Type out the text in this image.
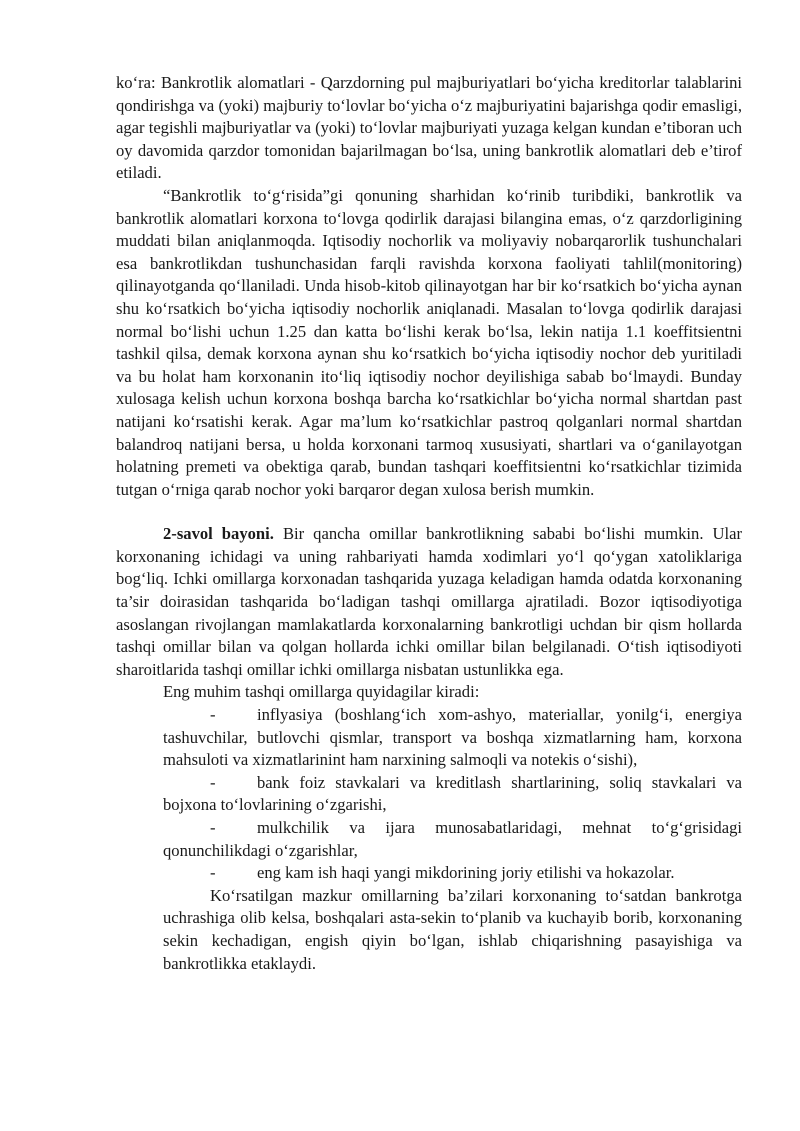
ko‘ra: Bankrotlik alomatlari - Qarzdorning pul majburiyatlari bo‘yicha kreditorlar talablarini qondirishga va (yoki) majburiy to‘lovlar bo‘yicha o‘z majburiyatini bajarishga qodir emasligi, agar tegishli majburiyatlar va (yoki) to‘lovlar majburiyati yuzaga kelgan kundan e’tiboran uch oy davomida qarzdor tomonidan bajarilmagan bo‘lsa, uning bankrotlik alomatlari deb e’tirof etiladi.

“Bankrotlik to‘g‘risida”gi qonuning sharhidan ko‘rinib turibdiki, bankrotlik va bankrotlik alomatlari korxona to‘lovga qodirlik darajasi bilangina emas, o‘z qarzdorligining muddati bilan aniqlanmoqda. Iqtisodiy nochorlik va moliyaviy nobarqarorlik tushunchalari esa bankrotlikdan tushunchasidan farqli ravishda korxona faoliyati tahlil(monitoring) qilinayotganda qo‘llaniladi. Unda hisob-kitob qilinayotgan har bir ko‘rsatkich bo‘yicha aynan shu ko‘rsatkich bo‘yicha iqtisodiy nochorlik aniqlanadi. Masalan to‘lovga qodirlik darajasi normal bo‘lishi uchun 1.25 dan katta bo‘lishi kerak bo‘lsa, lekin natija 1.1 koeffitsientni tashkil qilsa, demak korxona aynan shu ko‘rsatkich bo‘yicha iqtisodiy nochor deb yuritiladi va bu holat ham korxonanin ito‘liq iqtisodiy nochor deyilishiga sabab bo‘lmaydi. Bunday xulosaga kelish uchun korxona boshqa barcha ko‘rsatkichlar bo‘yicha normal shartdan past natijani ko‘rsatishi kerak. Agar ma’lum ko‘rsatkichlar pastroq qolganlari normal shartdan balandroq natijani bersa, u holda korxonani tarmoq xususiyati, shartlari va o‘ganilayotgan holatning premeti va obektiga qarab, bundan tashqari koeffitsientni ko‘rsatkichlar tizimida tutgan o‘rniga qarab nochor yoki barqaror degan xulosa berish mumkin.

2-savol bayoni. Bir qancha omillar bankrotlikning sababi bo‘lishi mumkin. Ular korxonaning ichidagi va uning rahbariyati hamda xodimlari yo‘l qo‘ygan xatoliklariga bog‘liq. Ichki omillarga korxonadan tashqarida yuzaga keladigan hamda odatda korxonaning ta’sir doirasidan tashqarida bo‘ladigan tashqi omillarga ajratiladi. Bozor iqtisodiyotiga asoslangan rivojlangan mamlakatlarda korxonalarning bankrotligi uchdan bir qism hollarda tashqi omillar bilan va qolgan hollarda ichki omillar bilan belgilanadi. O‘tish iqtisodiyoti sharoitlarida tashqi omillar ichki omillarga nisbatan ustunlikka ega.

Eng muhim tashqi omillarga quyidagilar kiradi:

- inflyasiya (boshlang‘ich xom-ashyo, materiallar, yonilg‘i, energiya tashuvchilar, butlovchi qismlar, transport va boshqa xizmatlarning ham, korxona mahsuloti va xizmatlarinint ham narxining salmoqli va notekis o‘sishi),

- bank foiz stavkalari va kreditlash shartlarining, soliq stavkalari va bojxona to‘lovlarining o‘zgarishi,

- mulkchilik va ijara munosabatlaridagi, mehnat to‘g‘grisidagi qonunchilikdagi o‘zgarishlar,

- eng kam ish haqi yangi mikdorining joriy etilishi va hokazolar.

Ko‘rsatilgan mazkur omillarning ba’zilari korxonaning to‘satdan bankrotga uchrashiga olib kelsa, boshqalari asta-sekin to‘planib va kuchayib borib, korxonaning sekin kechadigan, engish qiyin bo‘lgan, ishlab chiqarishning pasayishiga va bankrotlikka etaklaydi.
